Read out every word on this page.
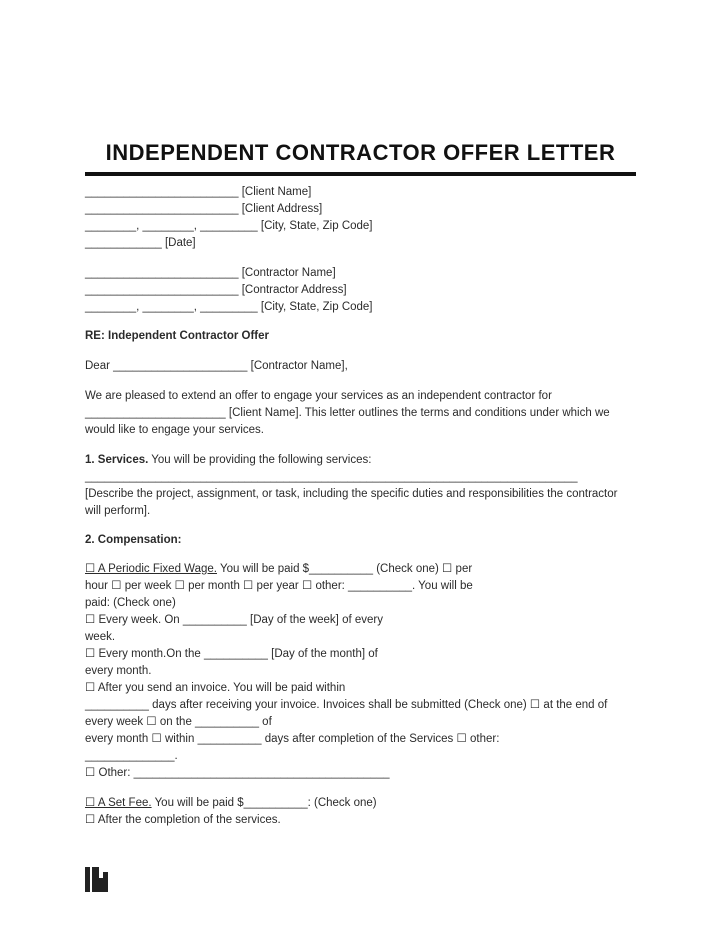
INDEPENDENT CONTRACTOR OFFER LETTER
________________________ [Client Name]
________________________ [Client Address]
________, ________, _________ [City, State, Zip Code]
____________ [Date]
________________________ [Contractor Name]
________________________ [Contractor Address]
________, ________, _________ [City, State, Zip Code]
RE: Independent Contractor Offer
Dear _____________________ [Contractor Name],
We are pleased to extend an offer to engage your services as an independent contractor for
______________________ [Client Name]. This letter outlines the terms and conditions under which we
would like to engage your services.
1. Services. You will be providing the following services:
_____________________________________________________________________________
[Describe the project, assignment, or task, including the specific duties and responsibilities the contractor
will perform].
2. Compensation:
☐ A Periodic Fixed Wage. You will be paid $__________ (Check one) ☐ per
hour ☐ per week ☐ per month ☐ per year ☐ other: __________. You will be
paid: (Check one)
☐ Every week. On __________ [Day of the week] of every
week.
☐ Every month.On the __________ [Day of the month] of
every month.
☐ After you send an invoice. You will be paid within
__________ days after receiving your invoice. Invoices shall be submitted (Check one) ☐ at the end of
every week ☐ on the __________ of
every month ☐ within __________ days after completion of the Services ☐ other:
______________.
☐ Other: ________________________________________
☐ A Set Fee. You will be paid $__________: (Check one)
☐ After the completion of the services.
